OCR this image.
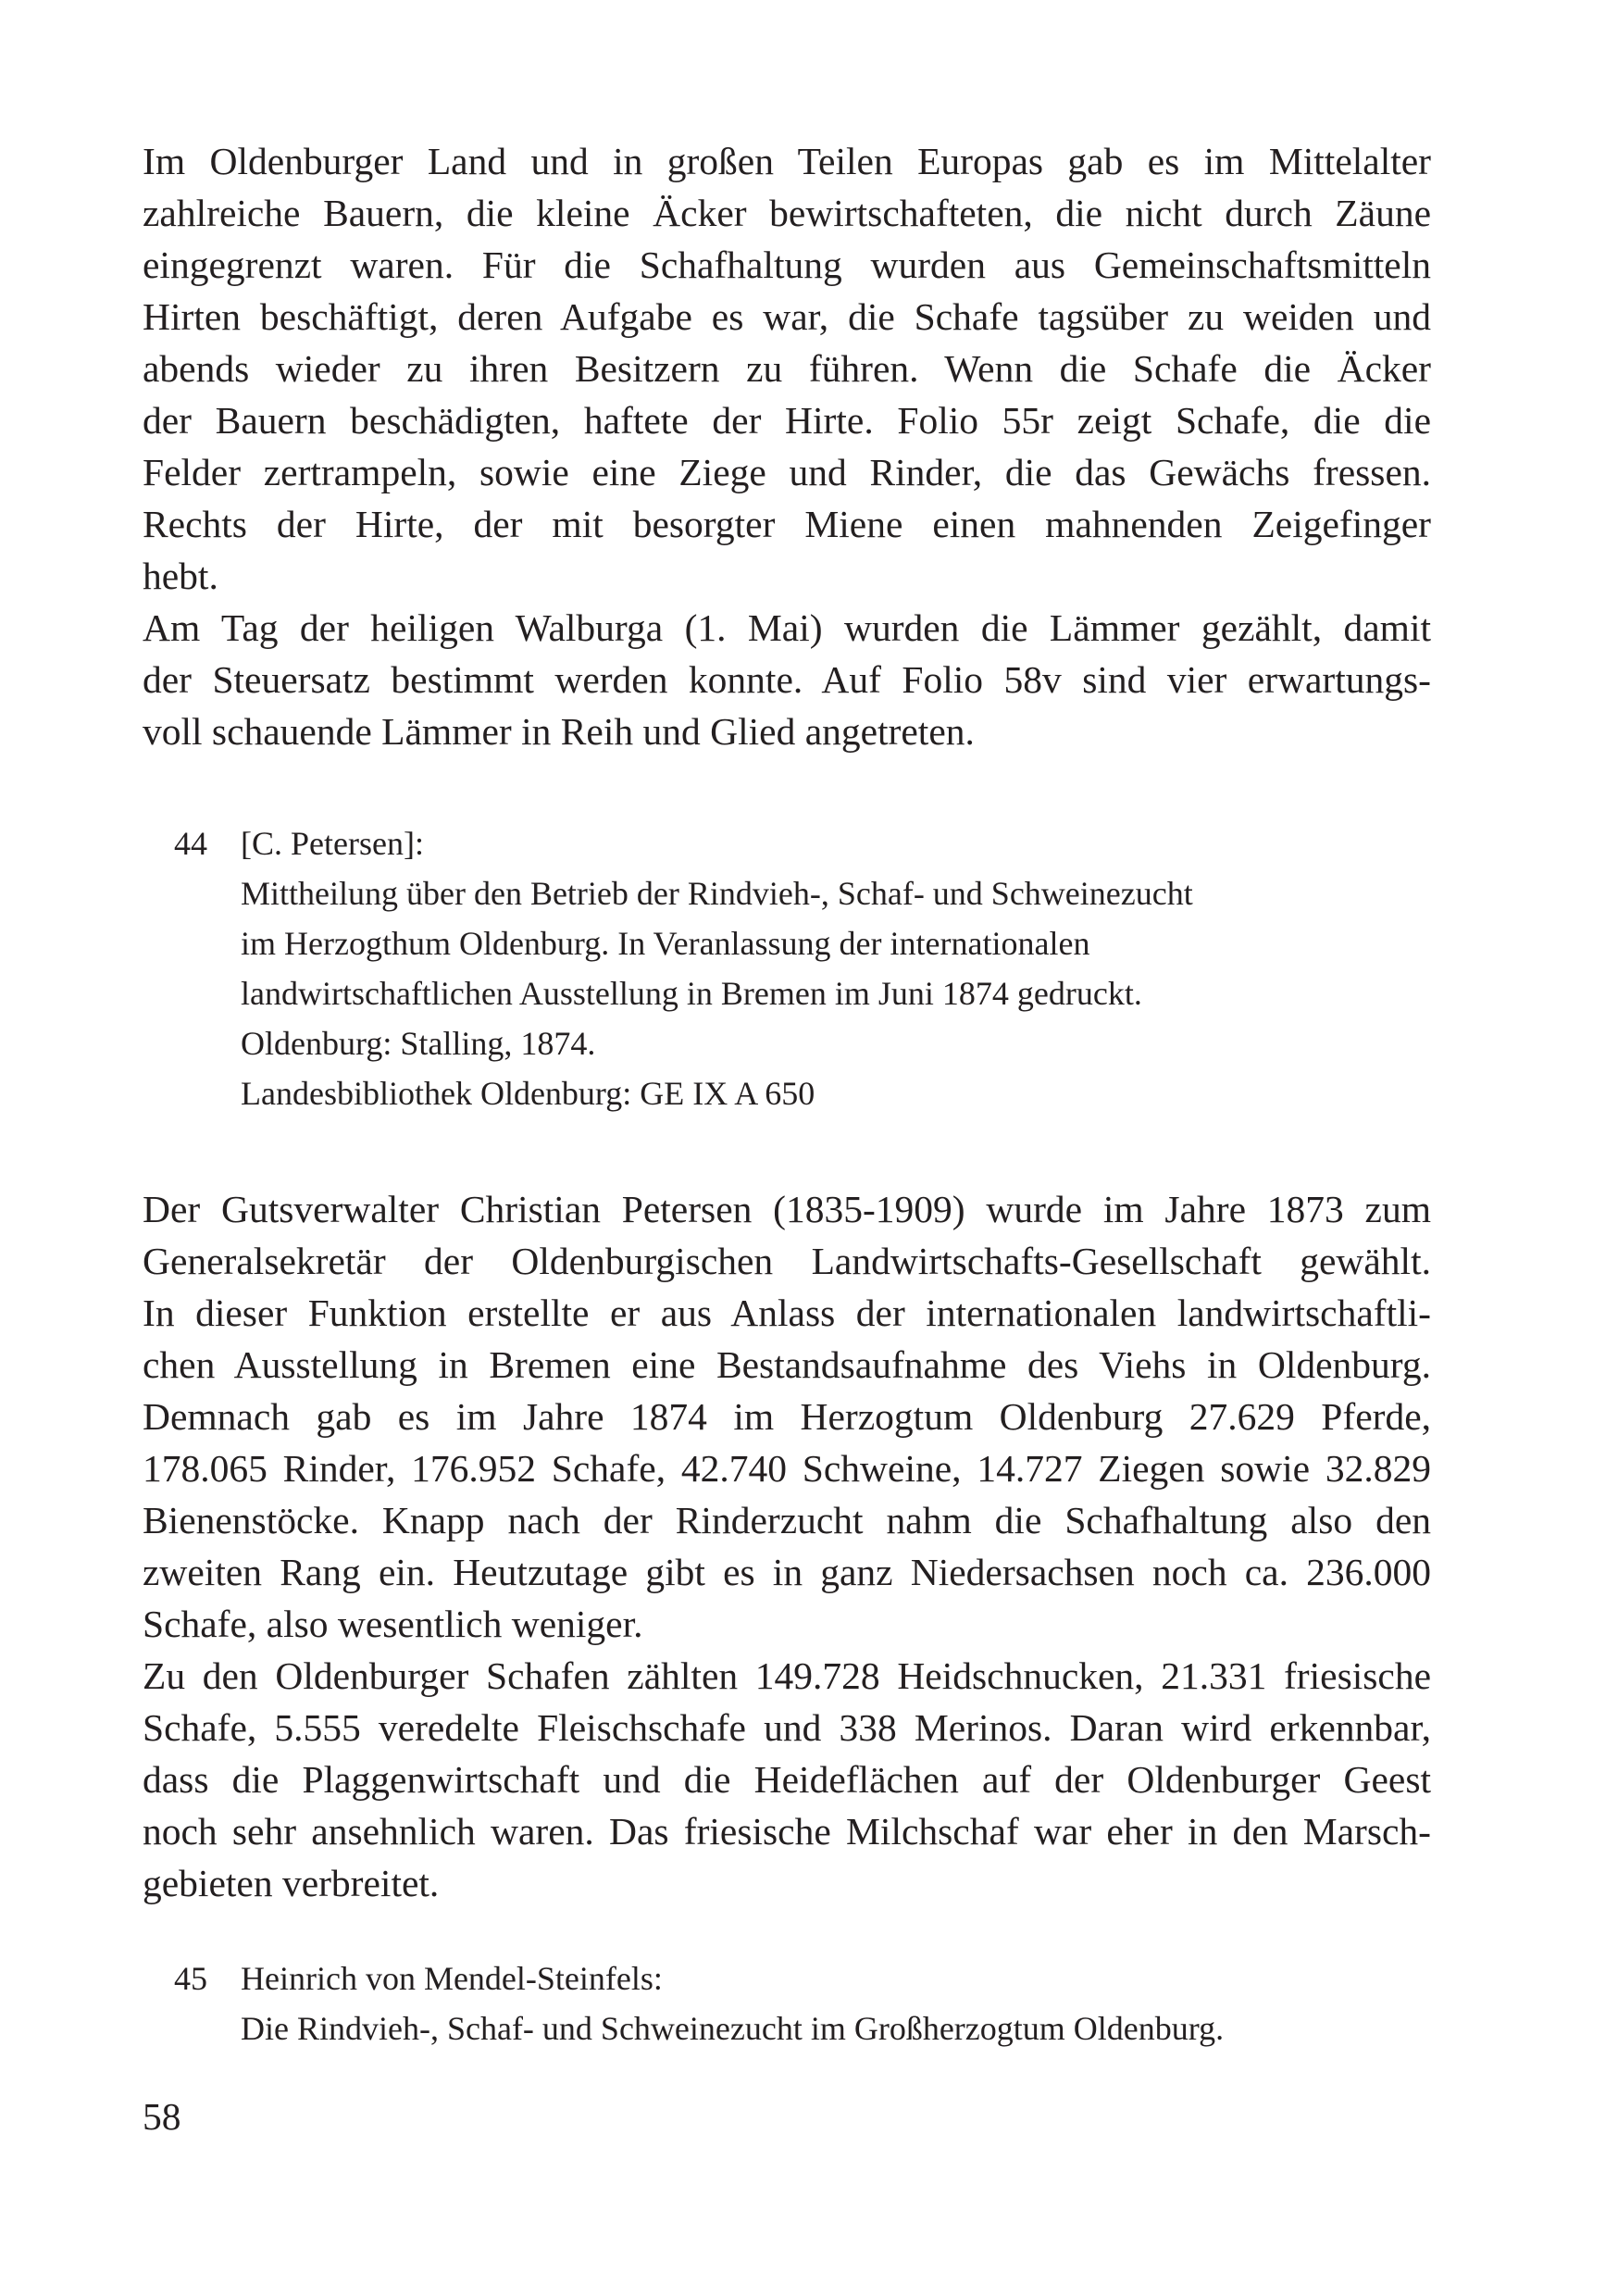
Im Oldenburger Land und in großen Teilen Europas gab es im Mittelalter
zahlreiche Bauern, die kleine Äcker bewirtschafteten, die nicht durch Zäune
eingegrenzt waren. Für die Schafhaltung wurden aus Gemeinschaftsmitteln
Hirten beschäftigt, deren Aufgabe es war, die Schafe tagsüber zu weiden und
abends wieder zu ihren Besitzern zu führen. Wenn die Schafe die Äcker
der Bauern beschädigten, haftete der Hirte. Folio 55r zeigt Schafe, die die
Felder zertrampeln, sowie eine Ziege und Rinder, die das Gewächs fressen.
Rechts der Hirte, der mit besorgter Miene einen mahnenden Zeigefinger
hebt.

Am Tag der heiligen Walburga (1. Mai) wurden die Lämmer gezählt, damit
der Steuersatz bestimmt werden konnte. Auf Folio 58v sind vier erwartungs-
voll schauende Lämmer in Reih und Glied angetreten.

44 [C. Petersen]:
Mittheilung über den Betrieb der Rindvieh-, Schaf- und Schweinezucht
im Herzogthum Oldenburg. In Veranlassung der internationalen
landwirtschaftlichen Ausstellung in Bremen im Juni 1874 gedruckt.
Oldenburg: Stalling, 1874.
Landesbibliothek Oldenburg: GE IX A 650

Der Gutsverwalter Christian Petersen (1835-1909) wurde im Jahre 1873 zum
Generalsekretär der Oldenburgischen Landwirtschafts-Gesellschaft gewählt.
In dieser Funktion erstellte er aus Anlass der internationalen landwirtschaftli-
chen Ausstellung in Bremen eine Bestandsaufnahme des Viehs in Oldenburg.
Demnach gab es im Jahre 1874 im Herzogtum Oldenburg 27.629 Pferde,
178.065 Rinder, 176.952 Schafe, 42.740 Schweine, 14.727 Ziegen sowie 32.829
Bienenstöcke. Knapp nach der Rinderzucht nahm die Schafhaltung also den
zweiten Rang ein. Heutzutage gibt es in ganz Niedersachsen noch ca. 236.000
Schafe, also wesentlich weniger.

Zu den Oldenburger Schafen zählten 149.728 Heidschnucken, 21.331 friesische
Schafe, 5.555 veredelte Fleischschafe und 338 Merinos. Daran wird erkennbar,
dass die Plaggenwirtschaft und die Heideflächen auf der Oldenburger Geest
noch sehr ansehnlich waren. Das friesische Milchschaf war eher in den Marsch-
gebieten verbreitet.

45 Heinrich von Mendel-Steinfels:
Die Rindvieh-, Schaf- und Schweinezucht im Großherzogtum Oldenburg.
58
